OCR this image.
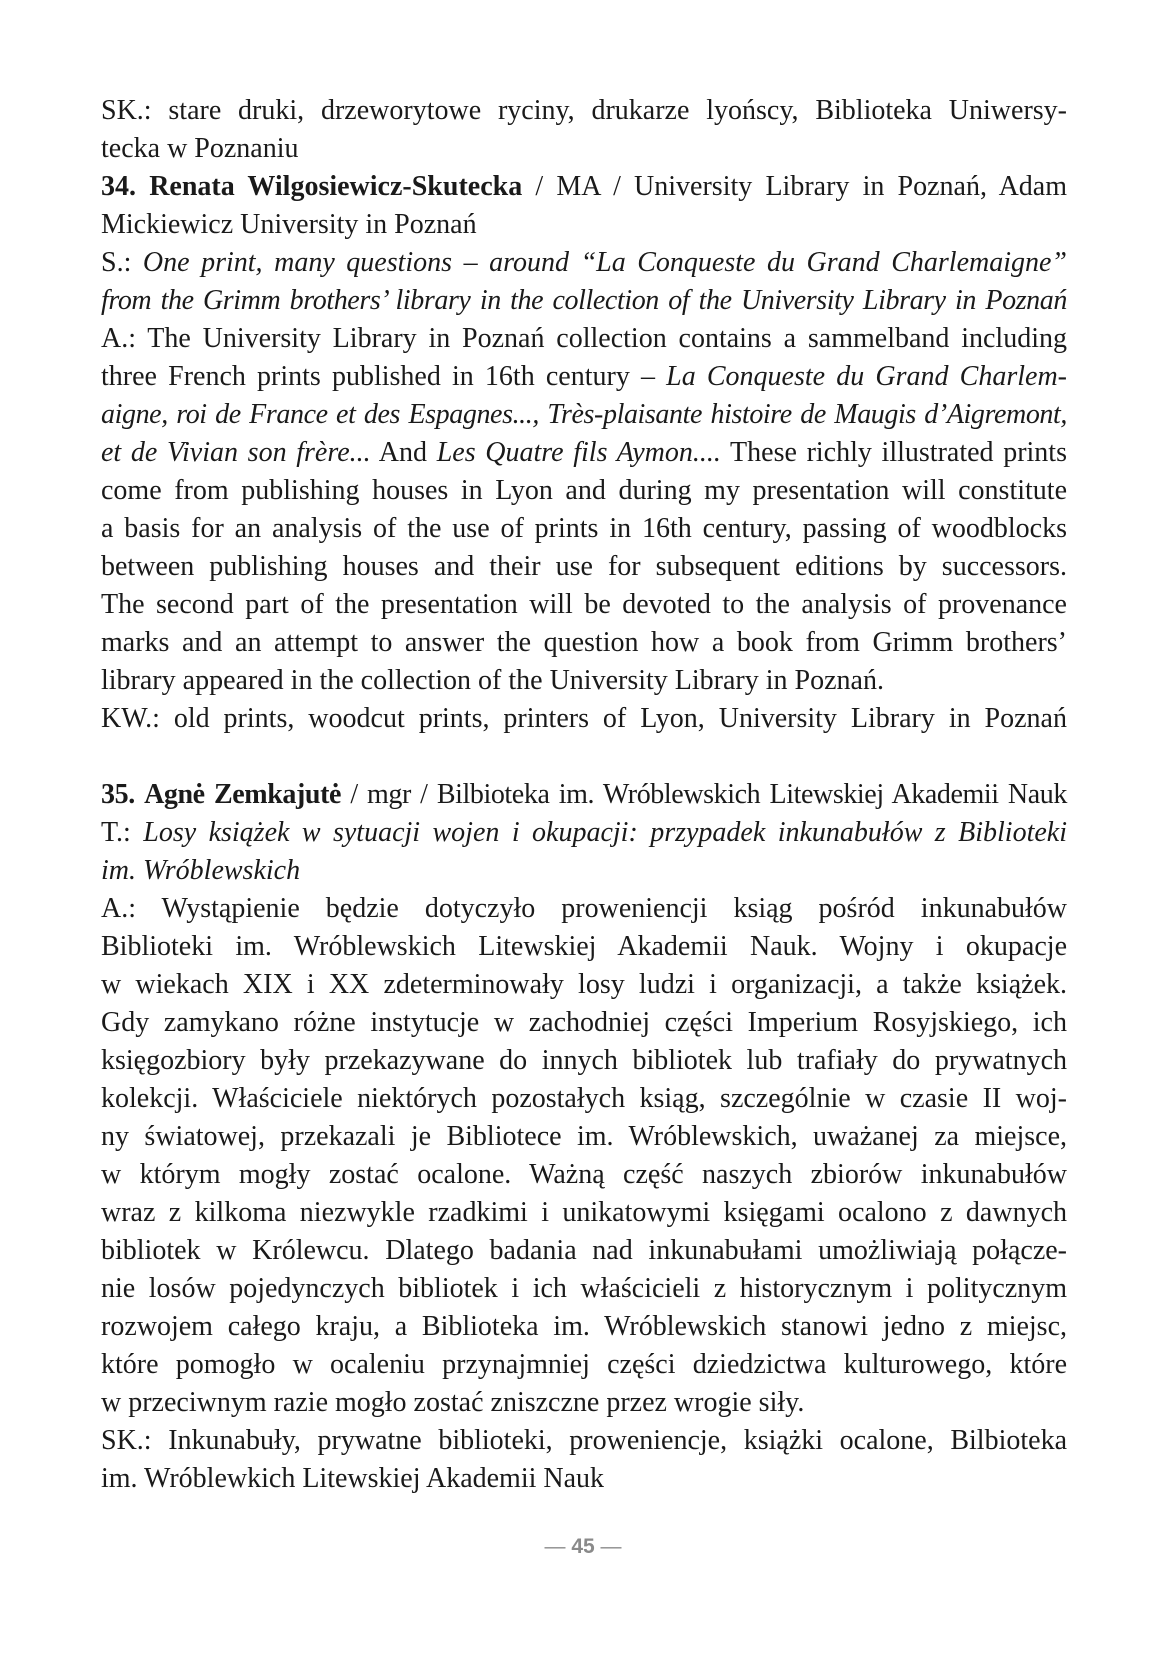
SK.: stare druki, drzeworytowe ryciny, drukarze lyońscy, Biblioteka Uniwersy-

tecka w Poznaniu

34. Renata Wilgosiewicz-Skutecka / MA / University Library in Poznań, Adam

Mickiewicz University in Poznań

S.: One print, many questions – around “La Conqueste du Grand Charlemaigne”

from the Grimm brothers’ library in the collection of the University Library in Poznań

A.: The University Library in Poznań collection contains a sammelband including

three French prints published in 16th century – La Conqueste du Grand Charlem-

aigne, roi de France et des Espagnes..., Très-plaisante histoire de Maugis d’Aigremont,

et de Vivian son frère... And Les Quatre fils Aymon.... These richly illustrated prints

come from publishing houses in Lyon and during my presentation will constitute

a basis for an analysis of the use of prints in 16th century, passing of woodblocks

between publishing houses and their use for subsequent editions by successors.

The second part of the presentation will be devoted to the analysis of provenance

marks and an attempt to answer the question how a book from Grimm brothers’

library appeared in the collection of the University Library in Poznań.

KW.: old prints, woodcut prints, printers of Lyon, University Library in Poznań

35. Agnė Zemkajutė / mgr / Bilbioteka im. Wróblewskich Litewskiej Akademii Nauk

T.: Losy książek w sytuacji wojen i okupacji: przypadek inkunabułów z Biblioteki

im. Wróblewskich

A.: Wystąpienie będzie dotyczyło proweniencji ksiąg pośród inkunabułów

Biblioteki im. Wróblewskich Litewskiej Akademii Nauk. Wojny i okupacje

w wiekach XIX i XX zdeterminowały losy ludzi i organizacji, a także książek.

Gdy zamykano różne instytucje w zachodniej części Imperium Rosyjskiego, ich

księgozbiory były przekazywane do innych bibliotek lub trafiały do prywatnych

kolekcji. Właściciele niektórych pozostałych ksiąg, szczególnie w czasie II woj-

ny światowej, przekazali je Bibliotece im. Wróblewskich, uważanej za miejsce,

w którym mogły zostać ocalone. Ważną część naszych zbiorów inkunabułów

wraz z kilkoma niezwykle rzadkimi i unikatowymi księgami ocalono z dawnych

bibliotek w Królewcu. Dlatego badania nad inkunabułami umożliwiają połącze-

nie losów pojedynczych bibliotek i ich właścicieli z historycznym i politycznym

rozwojem całego kraju, a Biblioteka im. Wróblewskich stanowi jedno z miejsc,

które pomogło w ocaleniu przynajmniej części dziedzictwa kulturowego, które

w przeciwnym razie mogło zostać zniszczne przez wrogie siły.

SK.: Inkunabuły, prywatne biblioteki, proweniencje, książki ocalone, Bilbioteka

im. Wróblewkich Litewskiej Akademii Nauk

— 45 —
